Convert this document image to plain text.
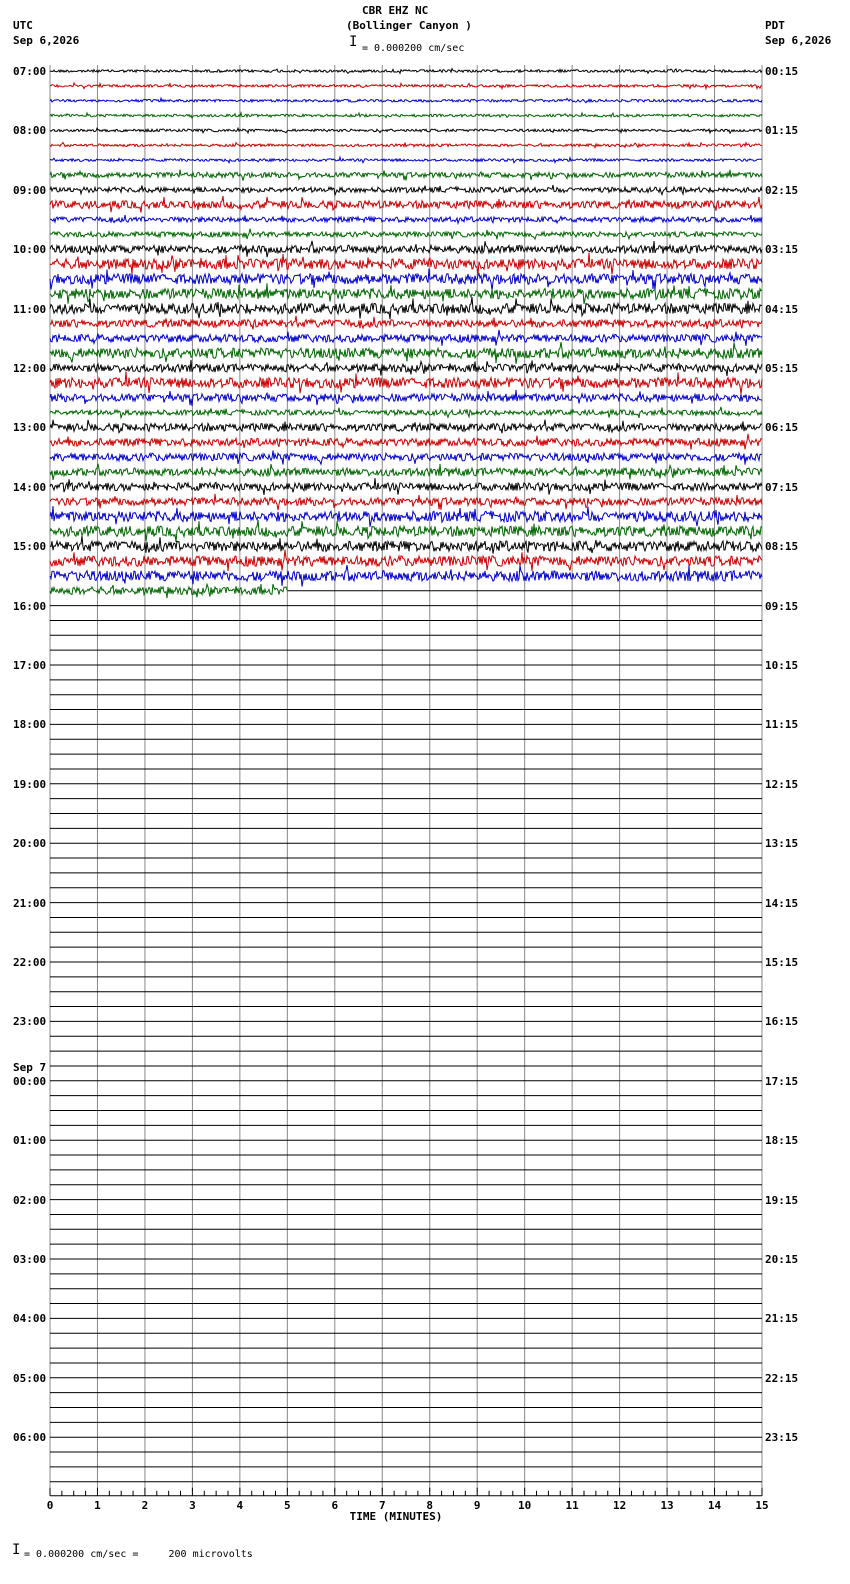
0	1	2	3	4	5	6	7	8	9	10	11	12	13	14	15
TIME (MINUTES)
CBR EHZ NC
(Bollinger Canyon )
UTC
Sep 6,2026
PDT
Sep 6,2026
I = 0.000200 cm/sec
I = 0.000200 cm/sec =     200 microvolts
07:00
08:00
09:00
10:00
11:00
12:00
13:00
14:00
15:00
16:00
17:00
18:00
19:00
20:00
21:00
22:00
23:00
00:00
01:00
02:00
03:00
04:00
05:00
06:00
00:15
01:15
02:15
03:15
04:15
05:15
06:15
07:15
08:15
09:15
10:15
11:15
12:15
13:15
14:15
15:15
16:15
17:15
18:15
19:15
20:15
21:15
22:15
23:15
Sep 7
